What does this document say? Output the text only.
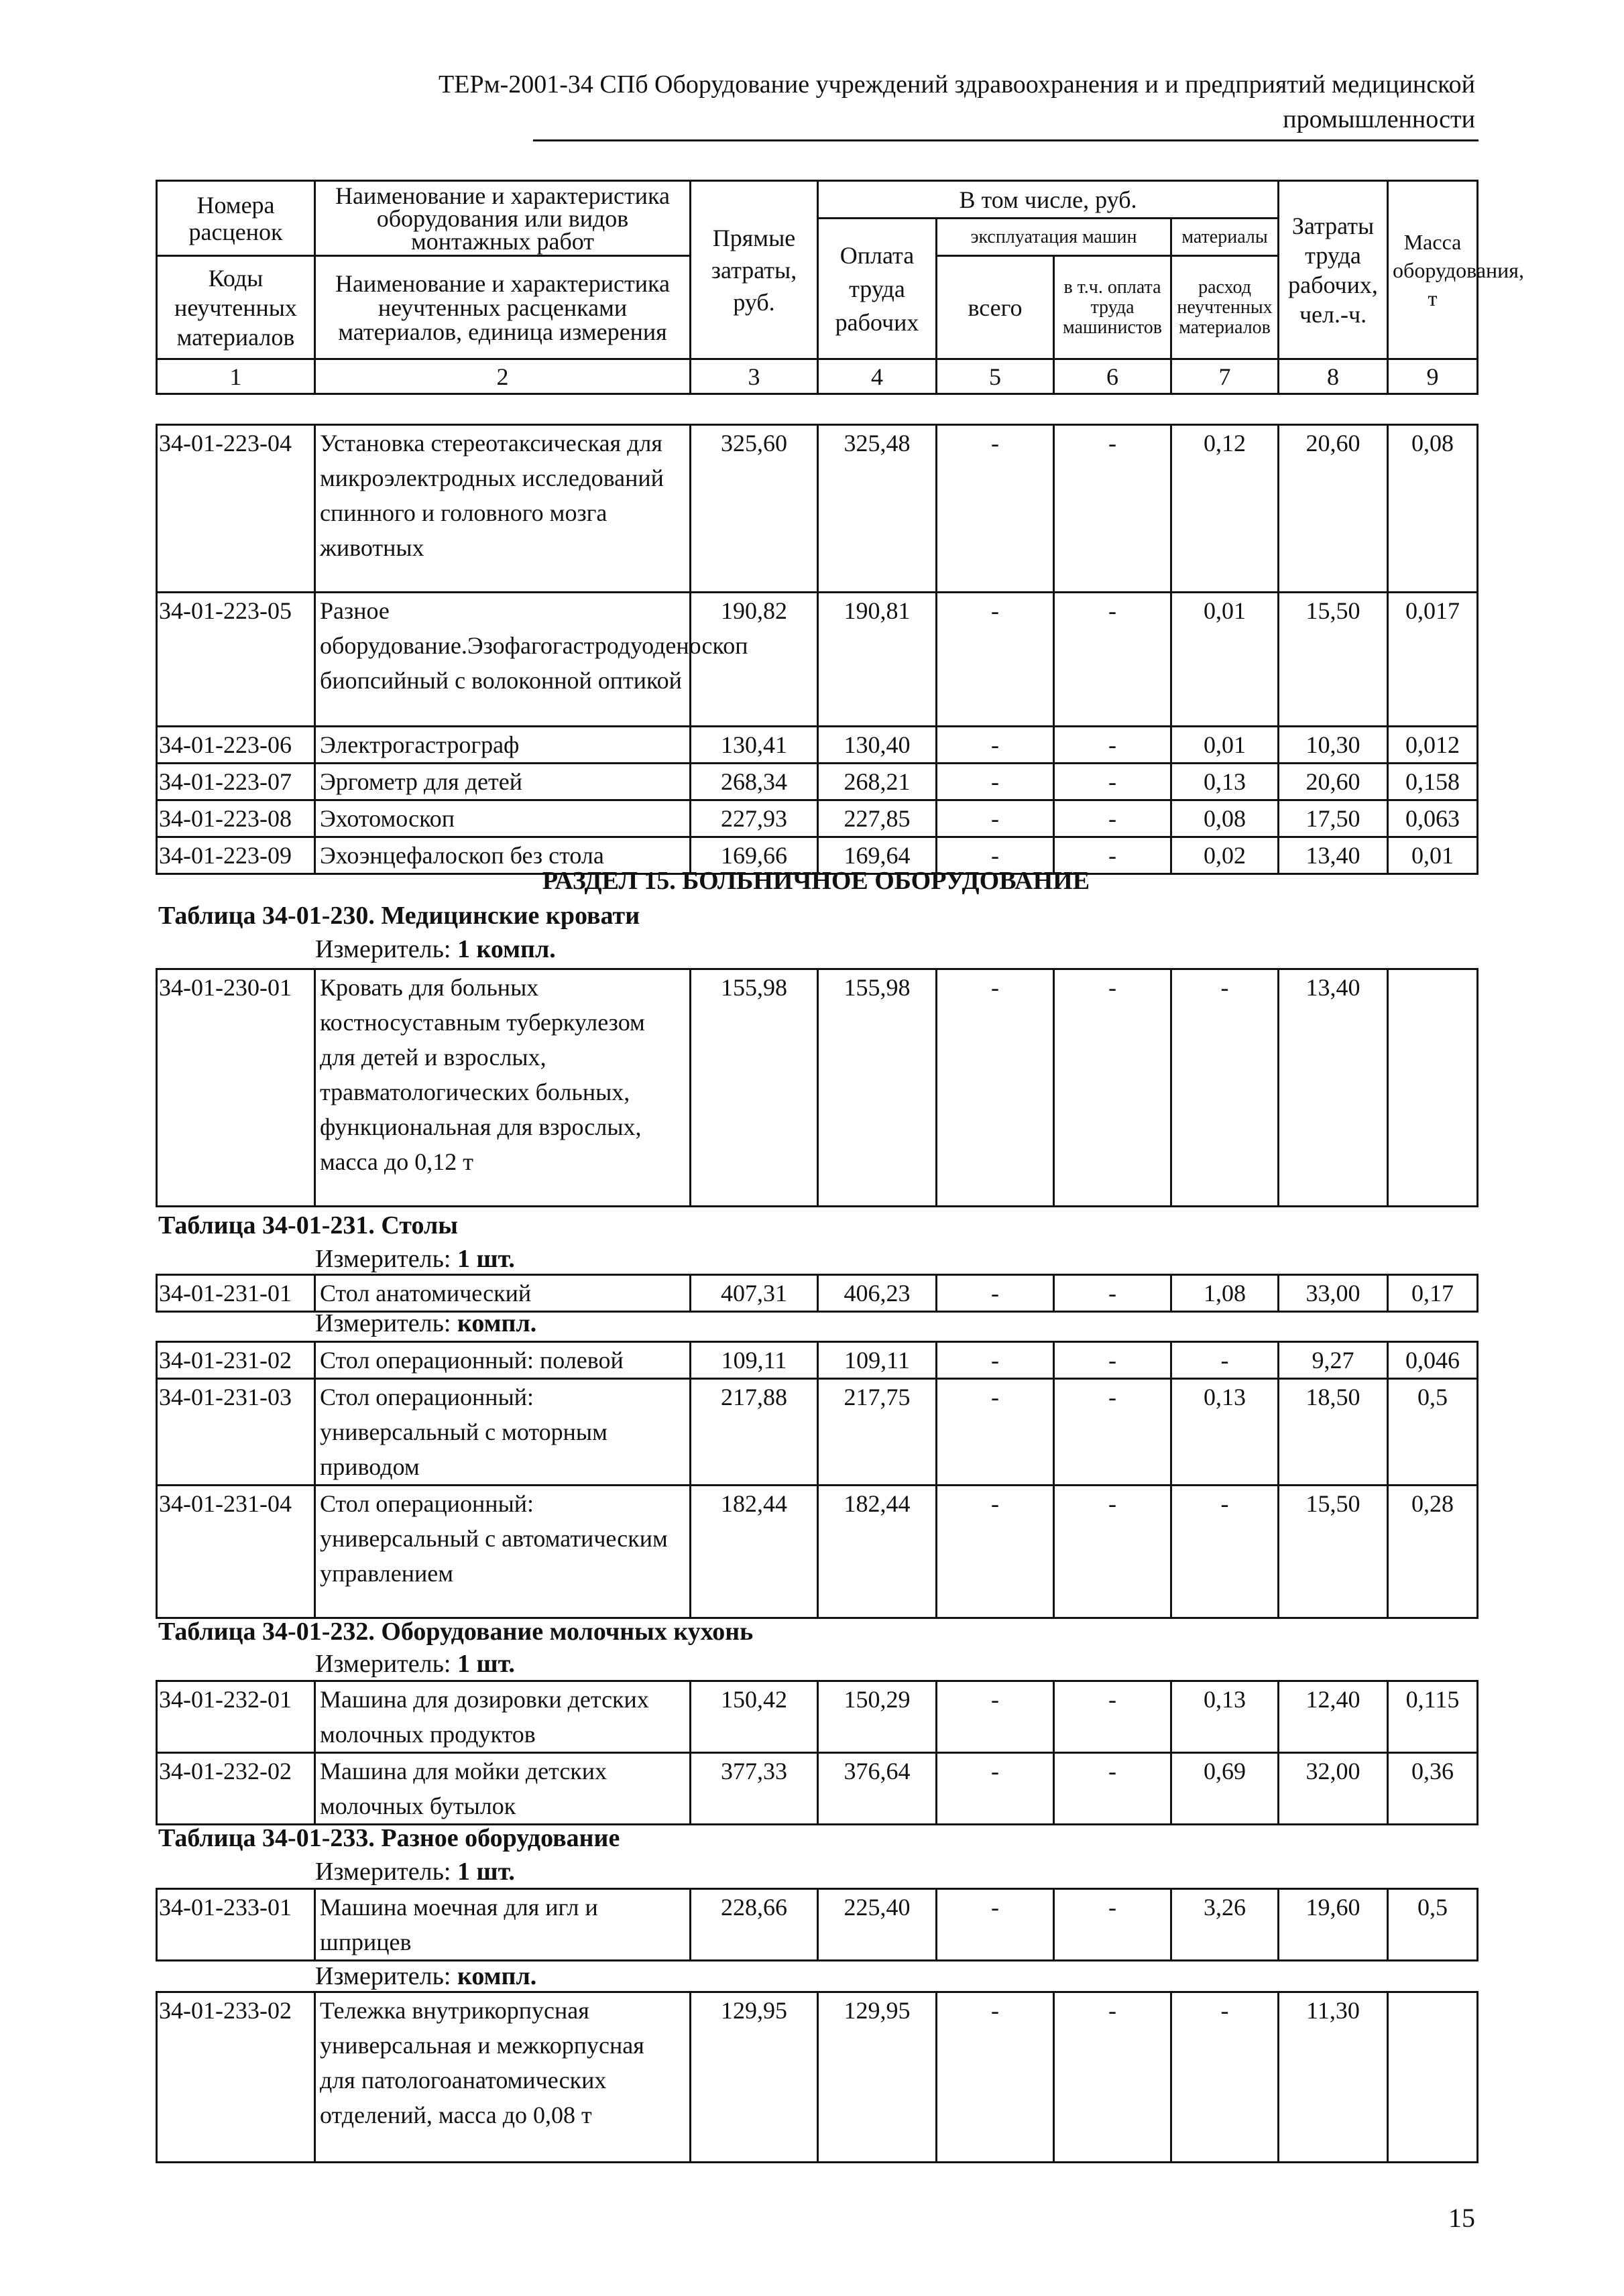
ТЕРм-2001-34 СПб Оборудование учреждений здравоохранения и и предприятий медицинской
промышленности
Номера расценок	Наименование и характеристика оборудования или видов монтажных работ	Прямые затраты, руб.	В том числе, руб.				Затраты труда рабочих, чел.-ч.	Масса оборудования, т
			Оплата труда рабочих	эксплуатация машин		материалы		
Коды неучтенных материалов	Наименование и характеристика неучтенных расценками материалов, единица измерения			всего	в т.ч. оплата труда машинистов	расход неучтенных материалов		

1	2	3	4	5	6	7	8	9
34-01-223-04	Установка стереотаксическая для микроэлектродных исследований спинного и головного мозга животных	325,60	325,48	-	-	0,12	20,60	0,08
34-01-223-05	Разное оборудование.Эзофагогастродуоденоскоп биопсийный с волоконной оптикой	190,82	190,81	-	-	0,01	15,50	0,017
34-01-223-06	Электрогастрограф	130,41	130,40	-	-	0,01	10,30	0,012
34-01-223-07	Эргометр для детей	268,34	268,21	-	-	0,13	20,60	0,158
34-01-223-08	Эхотомоскоп	227,93	227,85	-	-	0,08	17,50	0,063
34-01-223-09	Эхоэнцефалоскоп без стола	169,66	169,64	-	-	0,02	13,40	0,01
РАЗДЕЛ 15. БОЛЬНИЧНОЕ ОБОРУДОВАНИЕ
Таблица 34-01-230. Медицинские кровати
Измеритель: 1 компл.
34-01-230-01	Кровать для больных костносуставным туберкулезом для детей и взрослых, травматологических больных, функциональная для взрослых, масса до 0,12 т	155,98	155,98	-	-	-	13,40	
Таблица 34-01-231. Столы
Измеритель: 1 шт.
34-01-231-01	Стол анатомический	407,31	406,23	-	-	1,08	33,00	0,17
Измеритель: компл.
34-01-231-02	Стол операционный: полевой	109,11	109,11	-	-	-	9,27	0,046
34-01-231-03	Стол операционный: универсальный с моторным приводом	217,88	217,75	-	-	0,13	18,50	0,5
34-01-231-04	Стол операционный: универсальный с автоматическим управлением	182,44	182,44	-	-	-	15,50	0,28
Таблица 34-01-232. Оборудование молочных кухонь
Измеритель: 1 шт.
34-01-232-01	Машина для дозировки детских молочных продуктов	150,42	150,29	-	-	0,13	12,40	0,115
34-01-232-02	Машина для мойки детских молочных бутылок	377,33	376,64	-	-	0,69	32,00	0,36
Таблица 34-01-233. Разное оборудование
Измеритель: 1 шт.
34-01-233-01	Машина моечная для игл и шприцев	228,66	225,40	-	-	3,26	19,60	0,5
Измеритель: компл.
34-01-233-02	Тележка внутрикорпусная универсальная и межкорпусная для патологоанатомических отделений, масса до 0,08 т	129,95	129,95	-	-	-	11,30	
15
